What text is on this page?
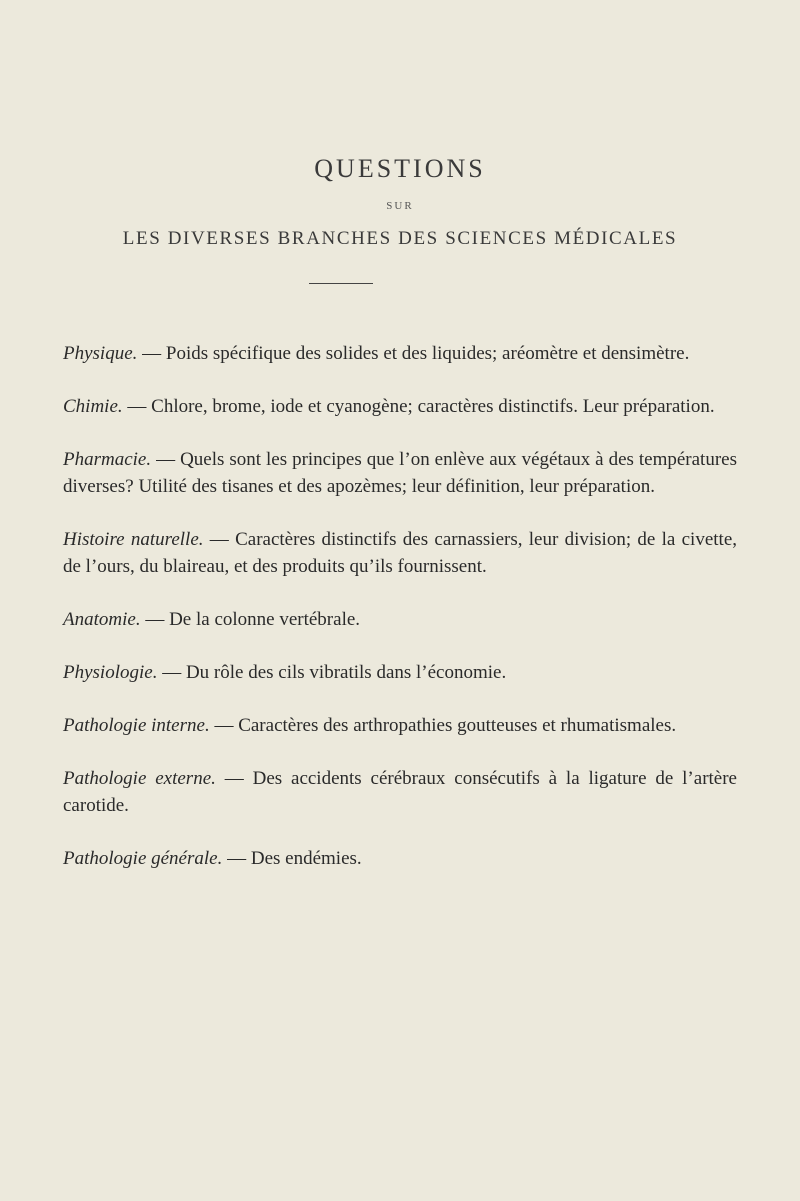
QUESTIONS
SUR
LES DIVERSES BRANCHES DES SCIENCES MÉDICALES

Physique. — Poids spécifique des solides et des liquides; aréomètre et densimètre.

Chimie. — Chlore, brome, iode et cyanogène; caractères distinctifs. Leur préparation.

Pharmacie. — Quels sont les principes que l’on enlève aux végétaux à des températures diverses? Utilité des tisanes et des apozèmes; leur définition, leur préparation.

Histoire naturelle. — Caractères distinctifs des carnassiers, leur division; de la civette, de l’ours, du blaireau, et des produits qu’ils fournissent.

Anatomie. — De la colonne vertébrale.

Physiologie. — Du rôle des cils vibratils dans l’économie.

Pathologie interne. — Caractères des arthropathies goutteuses et rhumatismales.

Pathologie externe. — Des accidents cérébraux consécutifs à la ligature de l’artère carotide.

Pathologie générale. — Des endémies.
